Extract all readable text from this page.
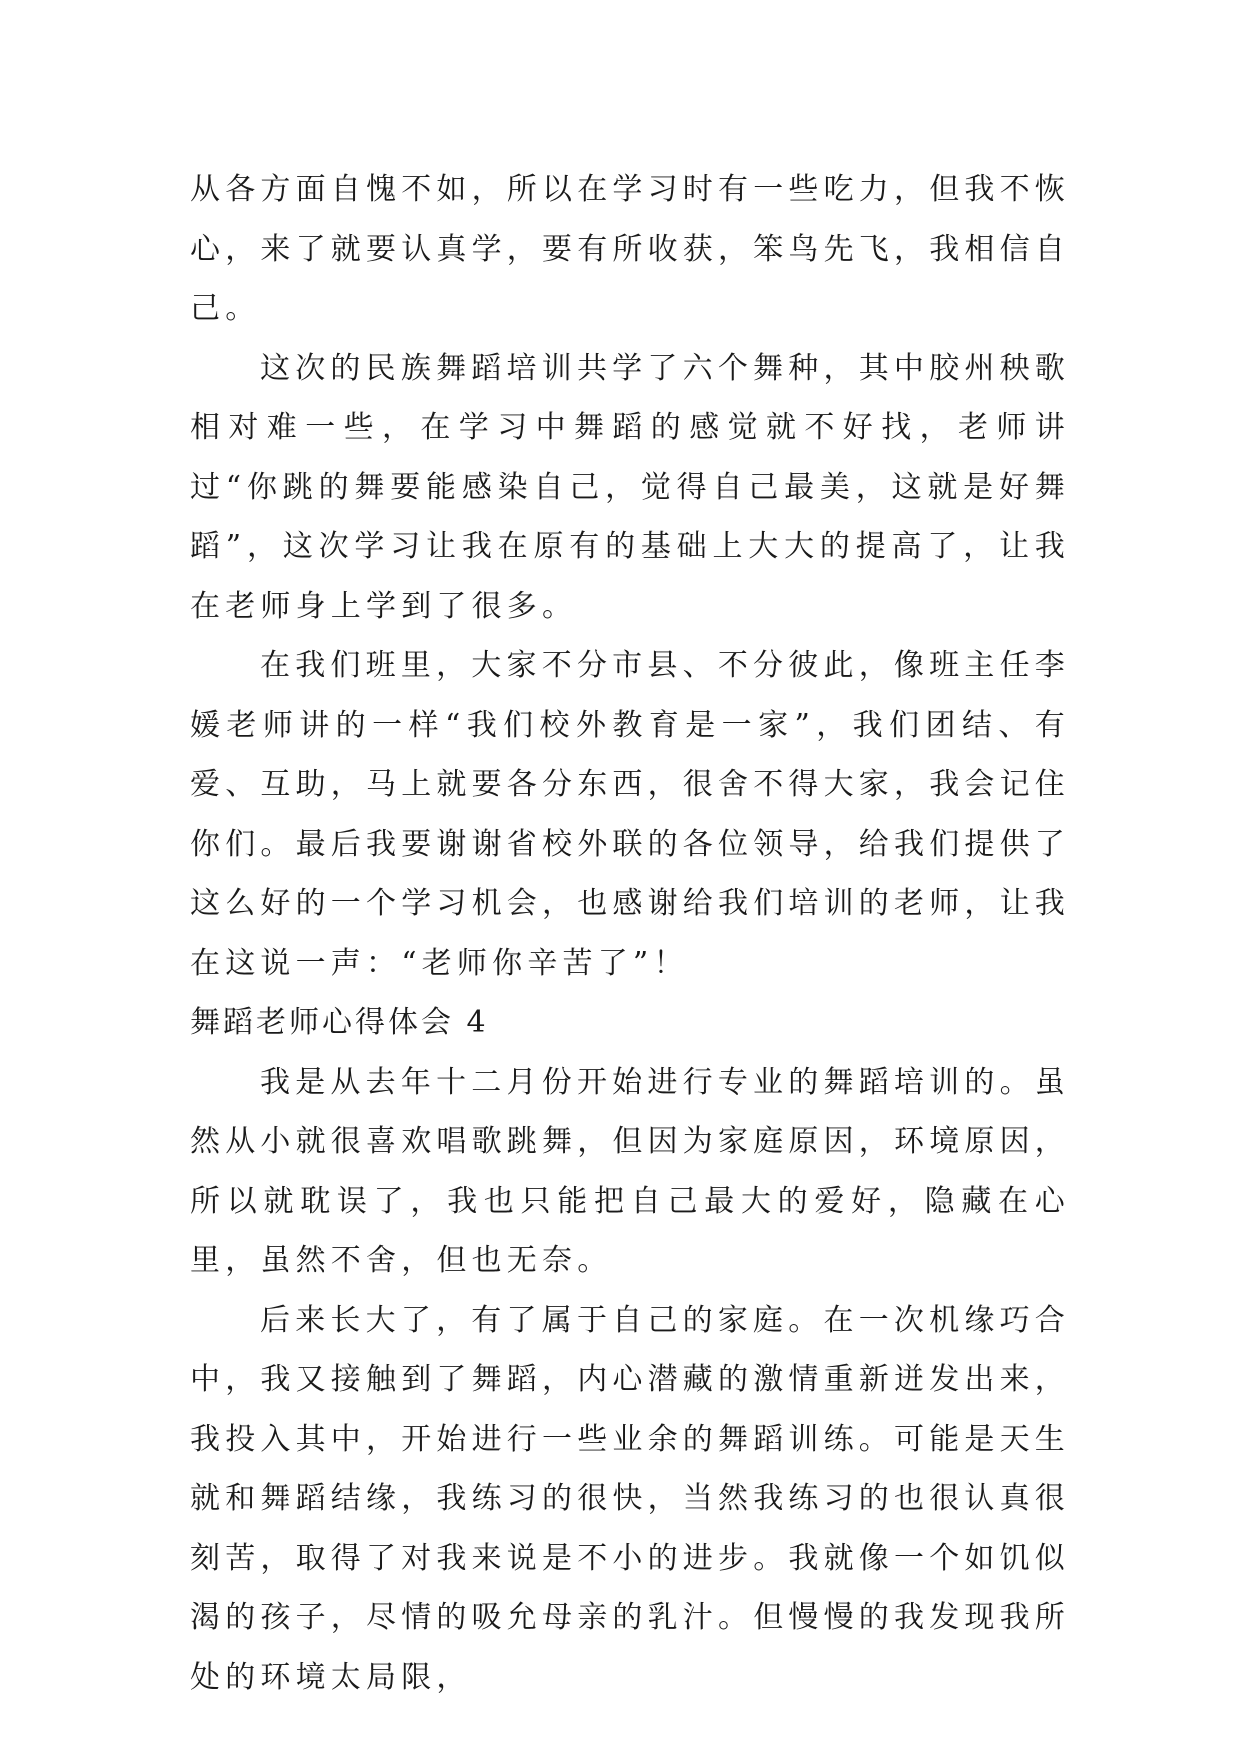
从各方面自愧不如，所以在学习时有一些吃力，但我不恢心，来了就要认真学，要有所收获，笨鸟先飞，我相信自己。

这次的民族舞蹈培训共学了六个舞种，其中胶州秧歌相对难一些，在学习中舞蹈的感觉就不好找，老师讲过“你跳的舞要能感染自己，觉得自己最美，这就是好舞蹈”，这次学习让我在原有的基础上大大的提高了，让我在老师身上学到了很多。

在我们班里，大家不分市县、不分彼此，像班主任李媛老师讲的一样“我们校外教育是一家”，我们团结、有爱、互助，马上就要各分东西，很舍不得大家，我会记住你们。最后我要谢谢省校外联的各位领导，给我们提供了这么好的一个学习机会，也感谢给我们培训的老师，让我在这说一声：“老师你辛苦了”！

舞蹈老师心得体会 4

我是从去年十二月份开始进行专业的舞蹈培训的。虽然从小就很喜欢唱歌跳舞，但因为家庭原因，环境原因，所以就耽误了，我也只能把自己最大的爱好，隐藏在心里，虽然不舍，但也无奈。

后来长大了，有了属于自己的家庭。在一次机缘巧合中，我又接触到了舞蹈，内心潜藏的激情重新迸发出来，我投入其中，开始进行一些业余的舞蹈训练。可能是天生就和舞蹈结缘，我练习的很快，当然我练习的也很认真很刻苦，取得了对我来说是不小的进步。我就像一个如饥似渴的孩子，尽情的吸允母亲的乳汁。但慢慢的我发现我所处的环境太局限，
